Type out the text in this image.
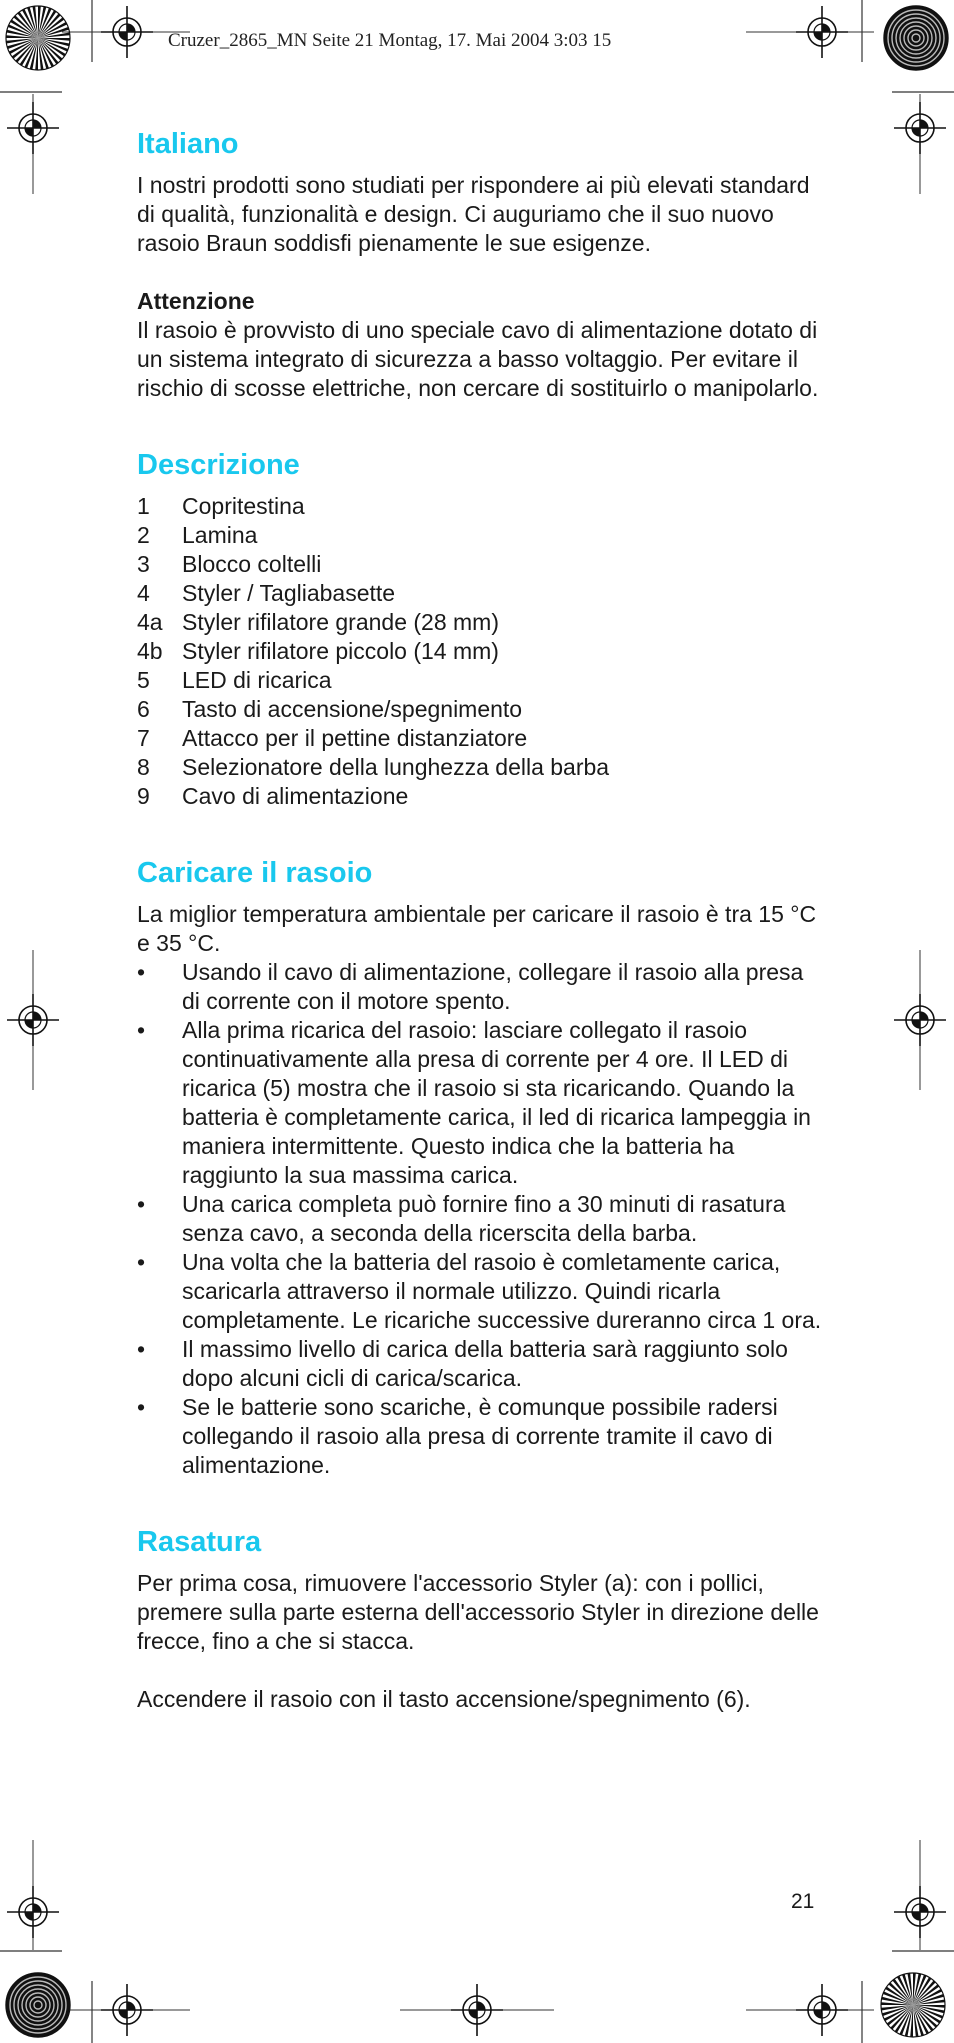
Cruzer_2865_MN Seite 21 Montag, 17. Mai 2004 3:03 15
Italiano

I nostri prodotti sono studiati per rispondere ai più elevati standard di qualità, funzionalità e design. Ci auguriamo che il suo nuovo rasoio Braun soddisfi pienamente le sue esigenze.

Attenzione

Il rasoio è provvisto di uno speciale cavo di alimentazione dotato di un sistema integrato di sicurezza a basso voltaggio. Per evitare il rischio di scosse elettriche, non cercare di sostituirlo o manipolarlo.

Descrizione
1	Copritestina
2	Lamina
3	Blocco coltelli
4	Styler / Tagliabasette
4a Styler rifilatore grande (28 mm)
4b Styler rifilatore piccolo (14 mm)
5	LED di ricarica
6	Tasto di accensione/spegnimento
7	Attacco per il pettine distanziatore
8	Selezionatore della lunghezza della barba
9	Cavo di alimentazione
Caricare il rasoio

La miglior temperatura ambientale per caricare il rasoio è tra 15 °C e 35 °C.

•	Usando il cavo di alimentazione, collegare il rasoio alla presa di corrente con il motore spento.
•	Alla prima ricarica del rasoio: lasciare collegato il rasoio continuativamente alla presa di corrente per 4 ore. Il LED di ricarica (5) mostra che il rasoio si sta ricaricando. Quando la batteria è completamente carica, il led di ricarica lampeggia in maniera intermittente. Questo indica che la batteria ha raggiunto la sua massima carica.
•	Una carica completa può fornire fino a 30 minuti di rasatura senza cavo, a seconda della ricerscita della barba.
•	Una volta che la batteria del rasoio è comletamente carica, scaricarla attraverso il normale utilizzo. Quindi ricarla completamente. Le ricariche successive dureranno circa 1 ora.
•	Il massimo livello di carica della batteria sarà raggiunto solo dopo alcuni cicli di carica/scarica.
•	Se le batterie sono scariche, è comunque possibile radersi collegando il rasoio alla presa di corrente tramite il cavo di alimentazione.
Rasatura

Per prima cosa, rimuovere l'accessorio Styler (a): con i pollici, premere sulla parte esterna dell'accessorio Styler in direzione delle frecce, fino a che si stacca.

Accendere il rasoio con il tasto accensione/spegnimento (6).

21
